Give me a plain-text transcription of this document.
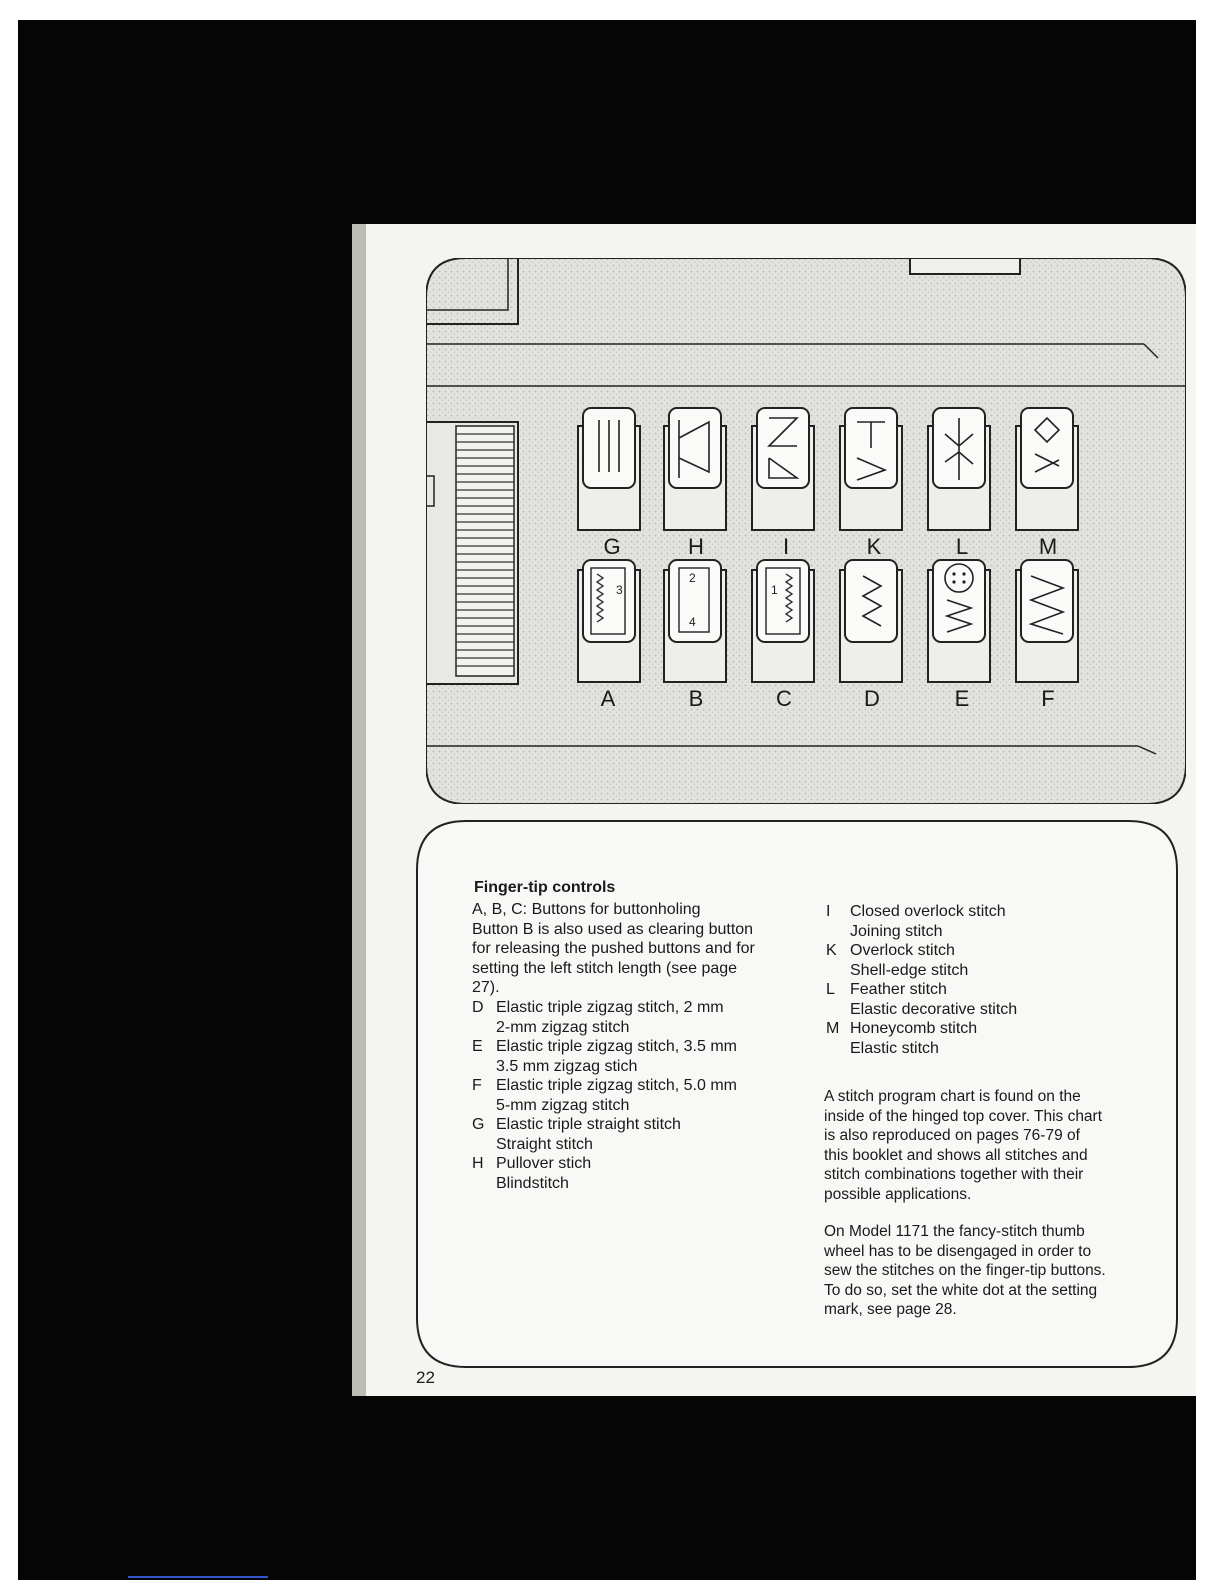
G	H	I	K	L	M
3
2
4
1
A	B	C	D	E	F
Finger-tip controls

A, B, C: Buttons for buttonholing

Button B is also used as clearing button

for releasing the pushed buttons and for

setting the left stitch length (see page

27).

D Elastic triple zigzag stitch, 2 mm
2-mm zigzag stitch
E Elastic triple zigzag stitch, 3.5 mm
3.5 mm zigzag stich
F Elastic triple zigzag stitch, 5.0 mm
5-mm zigzag stitch
G Elastic triple straight stitch
Straight stitch
H Pullover stich
Blindstitch
I	Closed overlock stitch
Joining stitch
K Overlock stitch
Shell-edge stitch
L Feather stitch
Elastic decorative stitch
M Honeycomb stitch
Elastic stitch
A stitch program chart is found on the
inside of the hinged top cover. This chart
is also reproduced on pages 76-79 of
this booklet and shows all stitches and
stitch combinations together with their
possible applications.
On Model 1171 the fancy-stitch thumb
wheel has to be disengaged in order to
sew the stitches on the finger-tip buttons.
To do so, set the white dot at the setting
mark, see page 28.
22
